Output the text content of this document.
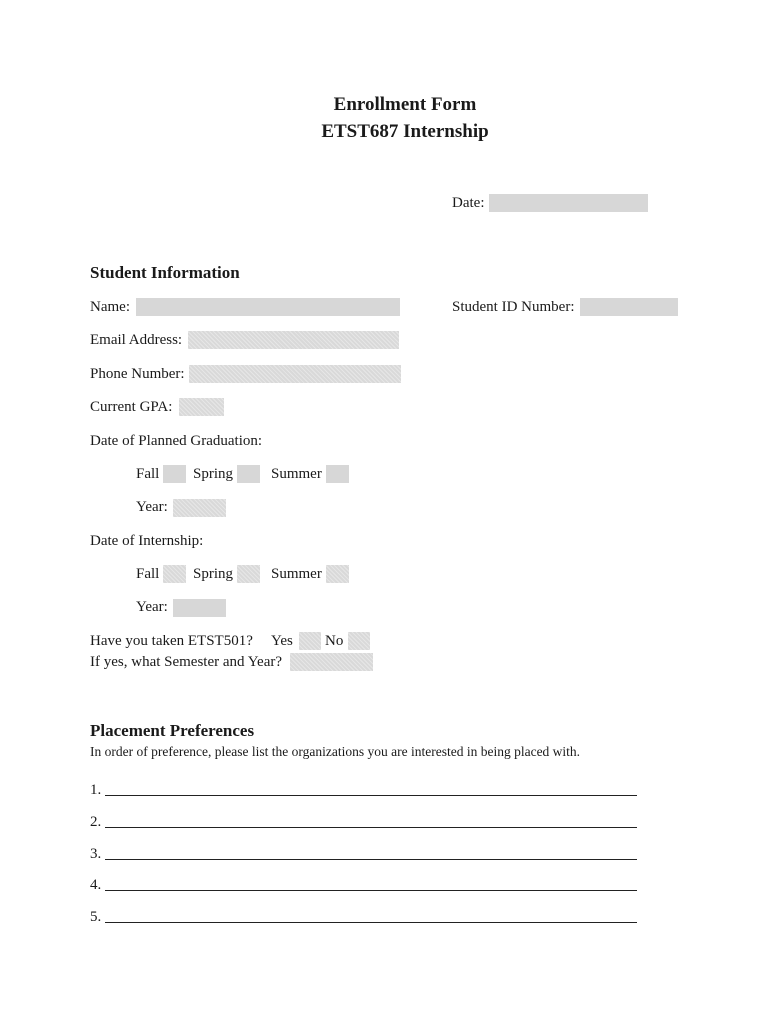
Enrollment Form
ETST687 Internship
Date:
Student Information
Name:	Student ID Number:
Email Address:
Phone Number:
Current GPA:
Date of Planned Graduation:
Fall Spring	Summer
Year:
Date of Internship:
Fall Spring	Summer
Year:
Have you taken ETST501? Yes No
If yes, what Semester and Year?
Placement Preferences
In order of preference, please list the organizations you are interested in being placed with.
1.
2.
3.
4.
5.
